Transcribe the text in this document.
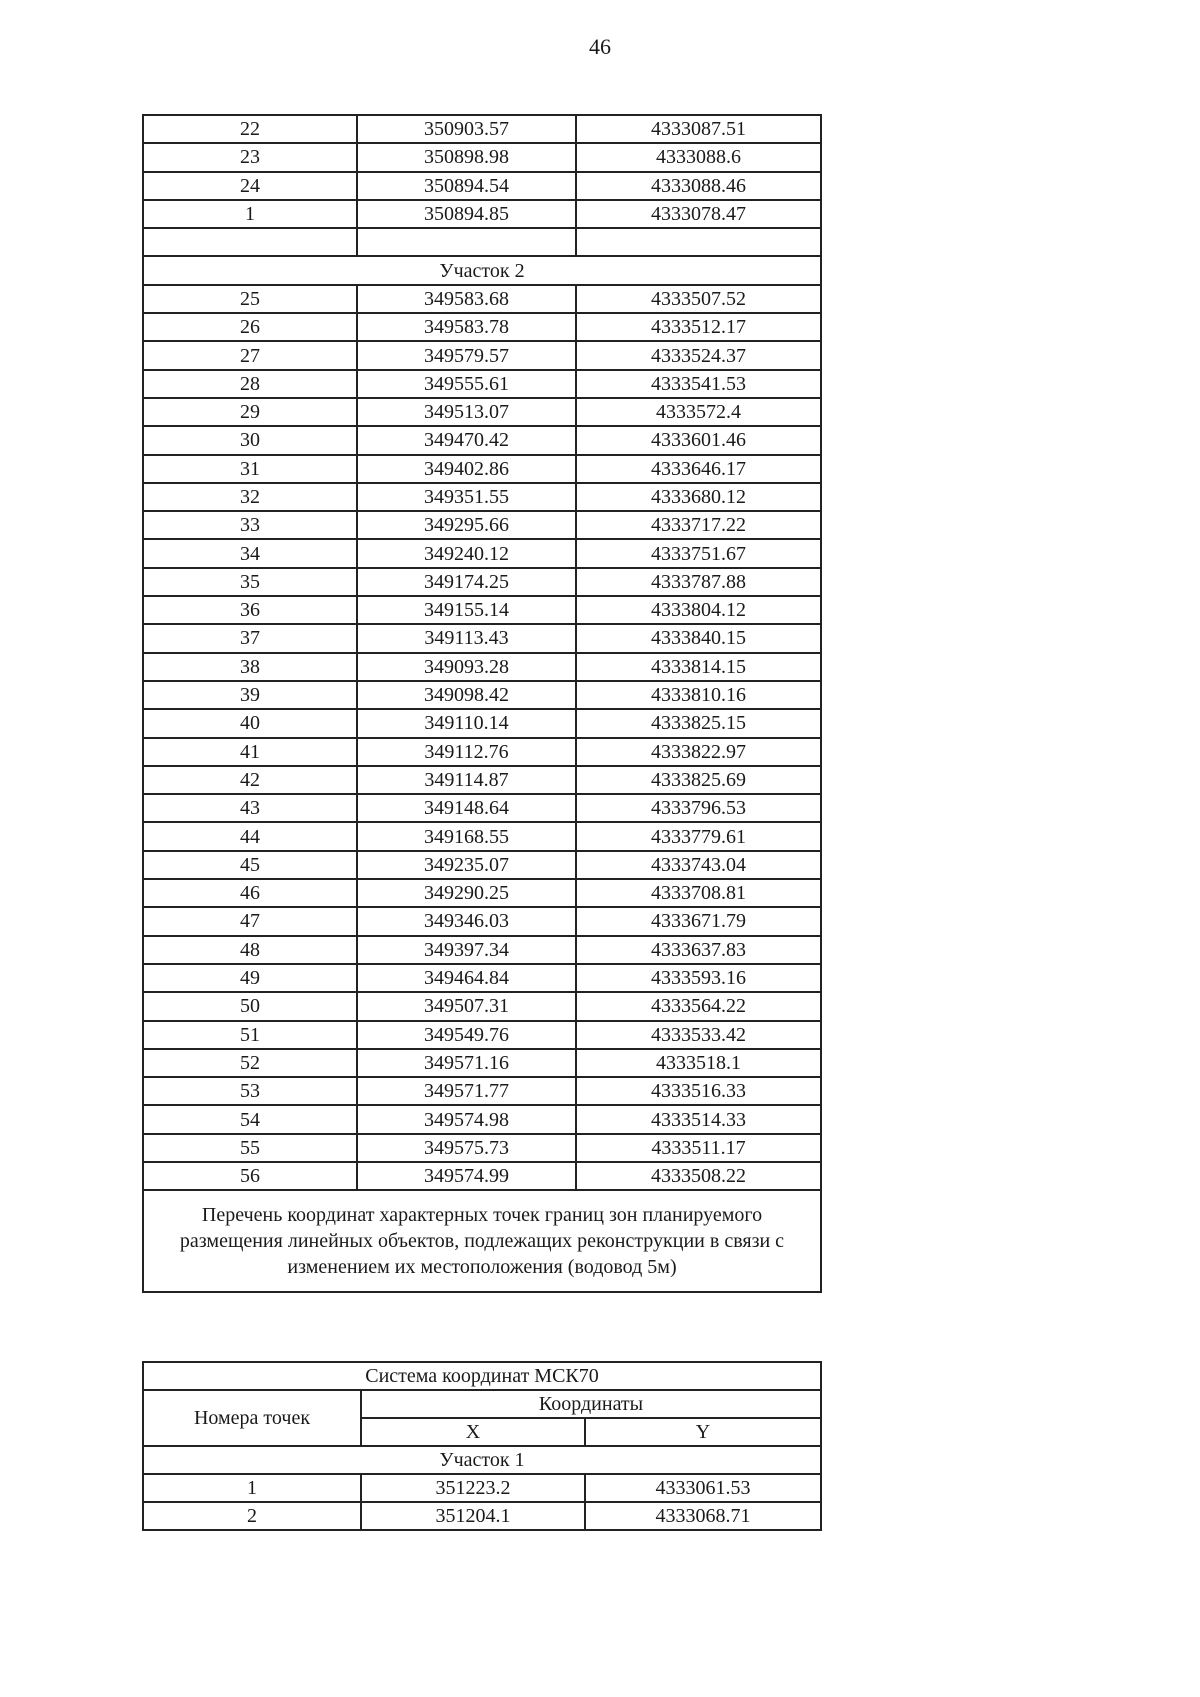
46
22	350903.57	4333087.51
23	350898.98	4333088.6
24	350894.54	4333088.46
1	350894.85	4333078.47

Участок 2		
25	349583.68	4333507.52
26	349583.78	4333512.17
27	349579.57	4333524.37
28	349555.61	4333541.53
29	349513.07	4333572.4
30	349470.42	4333601.46
31	349402.86	4333646.17
32	349351.55	4333680.12
33	349295.66	4333717.22
34	349240.12	4333751.67
35	349174.25	4333787.88
36	349155.14	4333804.12
37	349113.43	4333840.15
38	349093.28	4333814.15
39	349098.42	4333810.16
40	349110.14	4333825.15
41	349112.76	4333822.97
42	349114.87	4333825.69
43	349148.64	4333796.53
44	349168.55	4333779.61
45	349235.07	4333743.04
46	349290.25	4333708.81
47	349346.03	4333671.79
48	349397.34	4333637.83
49	349464.84	4333593.16
50	349507.31	4333564.22
51	349549.76	4333533.42
52	349571.16	4333518.1
53	349571.77	4333516.33
54	349574.98	4333514.33
55	349575.73	4333511.17
56	349574.99	4333508.22
Перечень координат характерных точек границ зон планируемого размещения линейных объектов, подлежащих реконструкции в связи с изменением их местоположения (водовод 5м)		
Система координат МСК70		
Номера точек	Координаты	
	X	Y
Участок 1		
1	351223.2	4333061.53
2	351204.1	4333068.71
